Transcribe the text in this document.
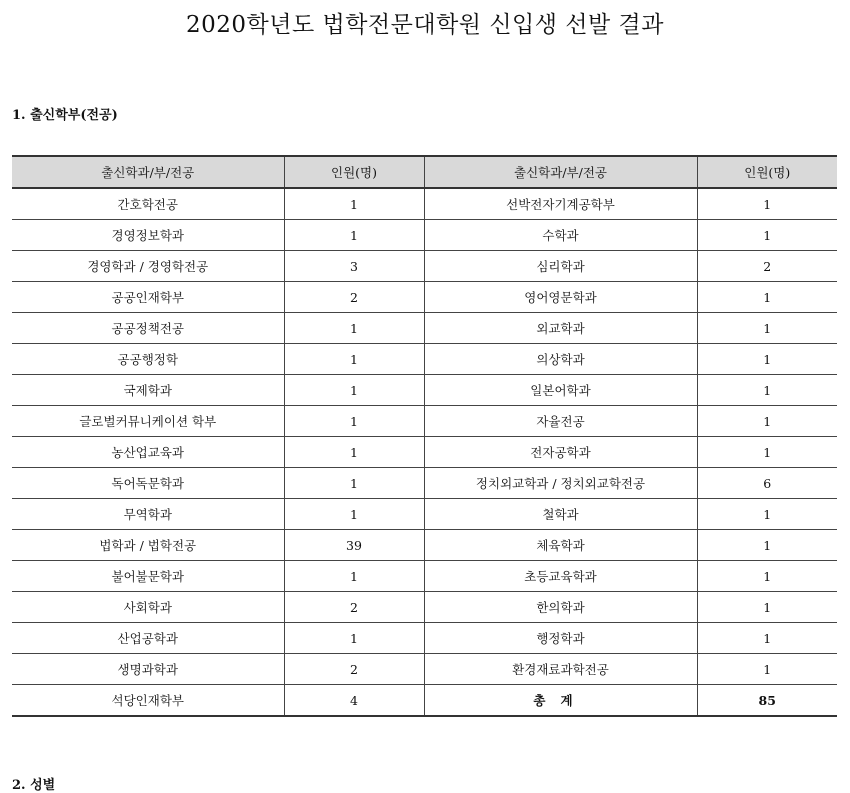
2020학년도 법학전문대학원 신입생 선발 결과
1. 출신학부(전공)
출신학과/부/전공	인원(명)	출신학과/부/전공	인원(명)
간호학전공	1	선박전자기계공학부	1
경영정보학과	1	수학과	1
경영학과 / 경영학전공	3	심리학과	2
공공인재학부	2	영어영문학과	1
공공정책전공	1	외교학과	1
공공행정학	1	의상학과	1
국제학과	1	일본어학과	1
글로벌커뮤니케이션 학부	1	자율전공	1
농산업교육과	1	전자공학과	1
독어독문학과	1	정치외교학과 / 정치외교학전공	6
무역학과	1	철학과	1
법학과 / 법학전공	39	체육학과	1
불어불문학과	1	초등교육학과	1
사회학과	2	한의학과	1
산업공학과	1	행정학과	1
생명과학과	2	환경재료과학전공	1
석당인재학부	4	총계	85
2. 성별
